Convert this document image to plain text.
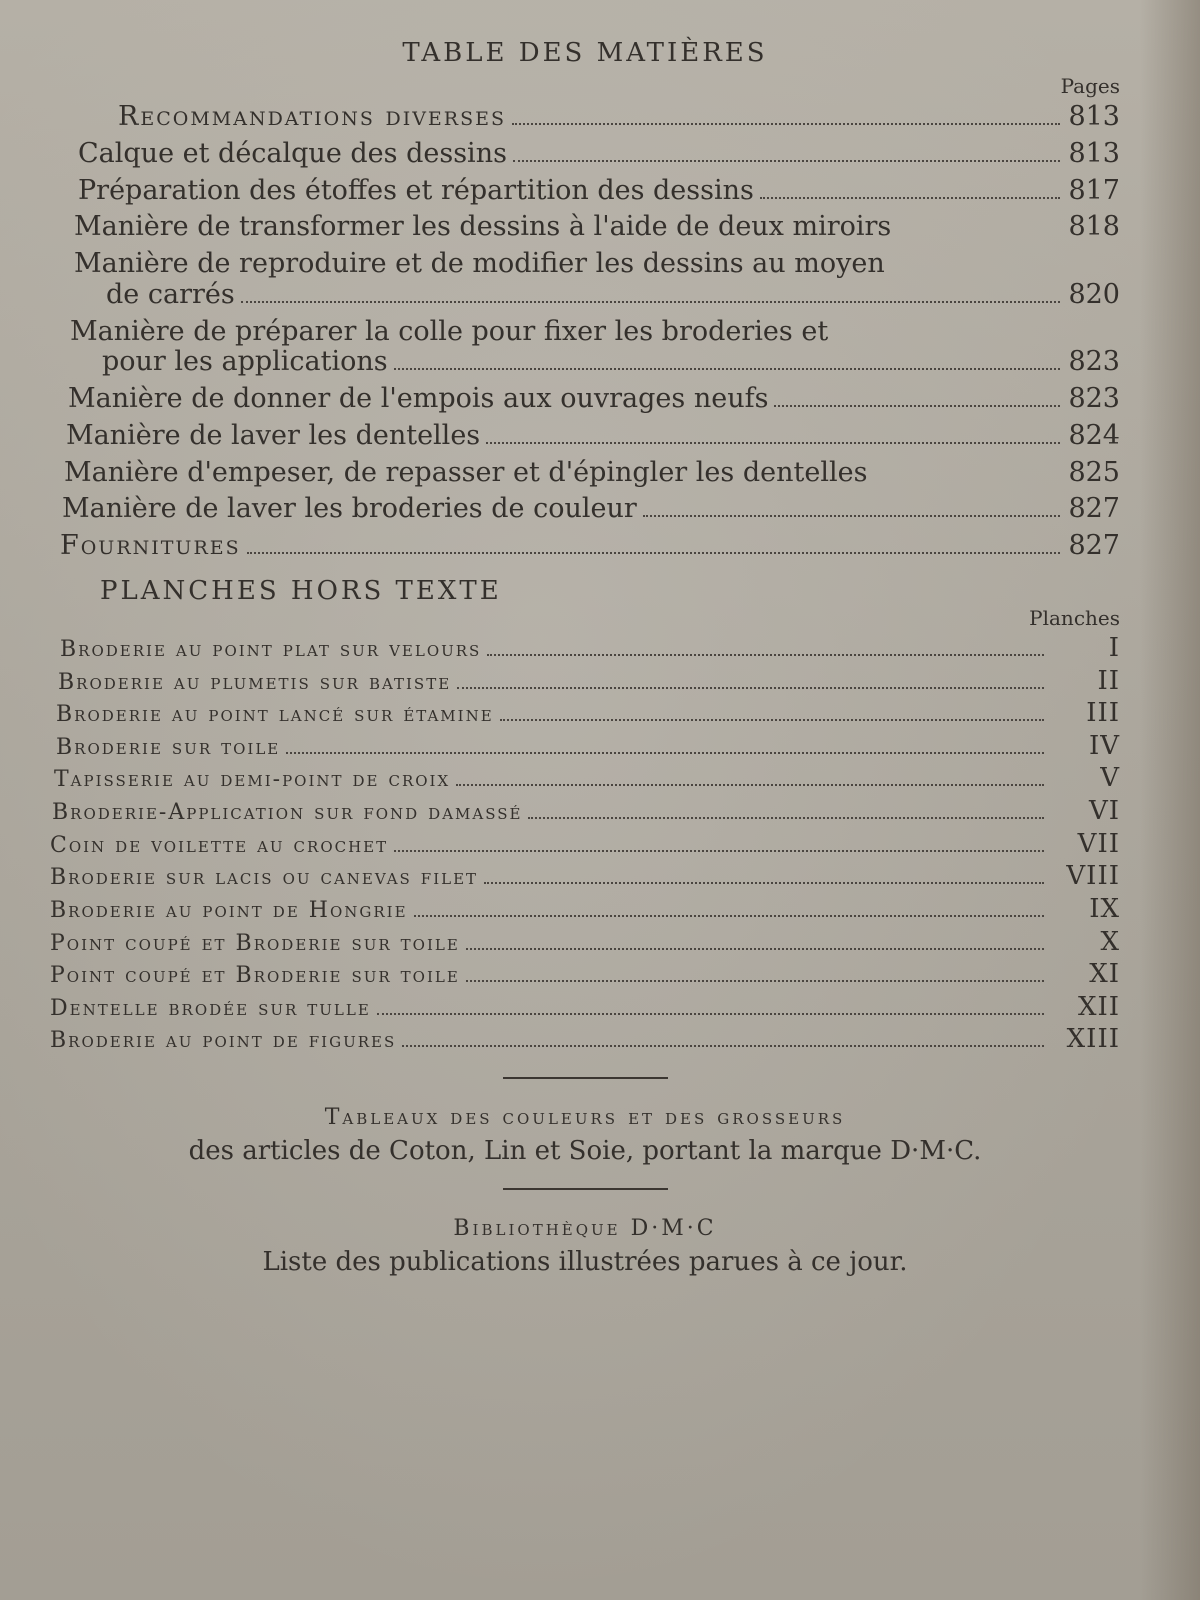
TABLE DES MATIÈRES
Pages
Recommandations diverses	813
Calque et décalque des dessins	813
Préparation des étoffes et répartition des dessins	817
Manière de transformer les dessins à l'aide de deux miroirs	818
Manière de reproduire et de modifier les dessins au moyen
de carrés	820
Manière de préparer la colle pour fixer les broderies et
pour les applications	823
Manière de donner de l'empois aux ouvrages neufs	823
Manière de laver les dentelles	824
Manière d'empeser, de repasser et d'épingler les dentelles	825
Manière de laver les broderies de couleur	827
Fournitures	827
PLANCHES HORS TEXTE
Planches
Broderie au point plat sur velours	I
Broderie au plumetis sur batiste	II
Broderie au point lancé sur étamine	III
Broderie sur toile	IV
Tapisserie au demi-point de croix	V
Broderie-Application sur fond damassé	VI
Coin de voilette au crochet	VII
Broderie sur lacis ou canevas filet	VIII
Broderie au point de Hongrie	IX
Point coupé et Broderie sur toile	X
Point coupé et Broderie sur toile	XI
Dentelle brodée sur tulle	XII
Broderie au point de figures	XIII
Tableaux des couleurs et des grosseurs
des articles de Coton, Lin et Soie, portant la marque D·M·C.
Bibliothèque D·M·C
Liste des publications illustrées parues à ce jour.
